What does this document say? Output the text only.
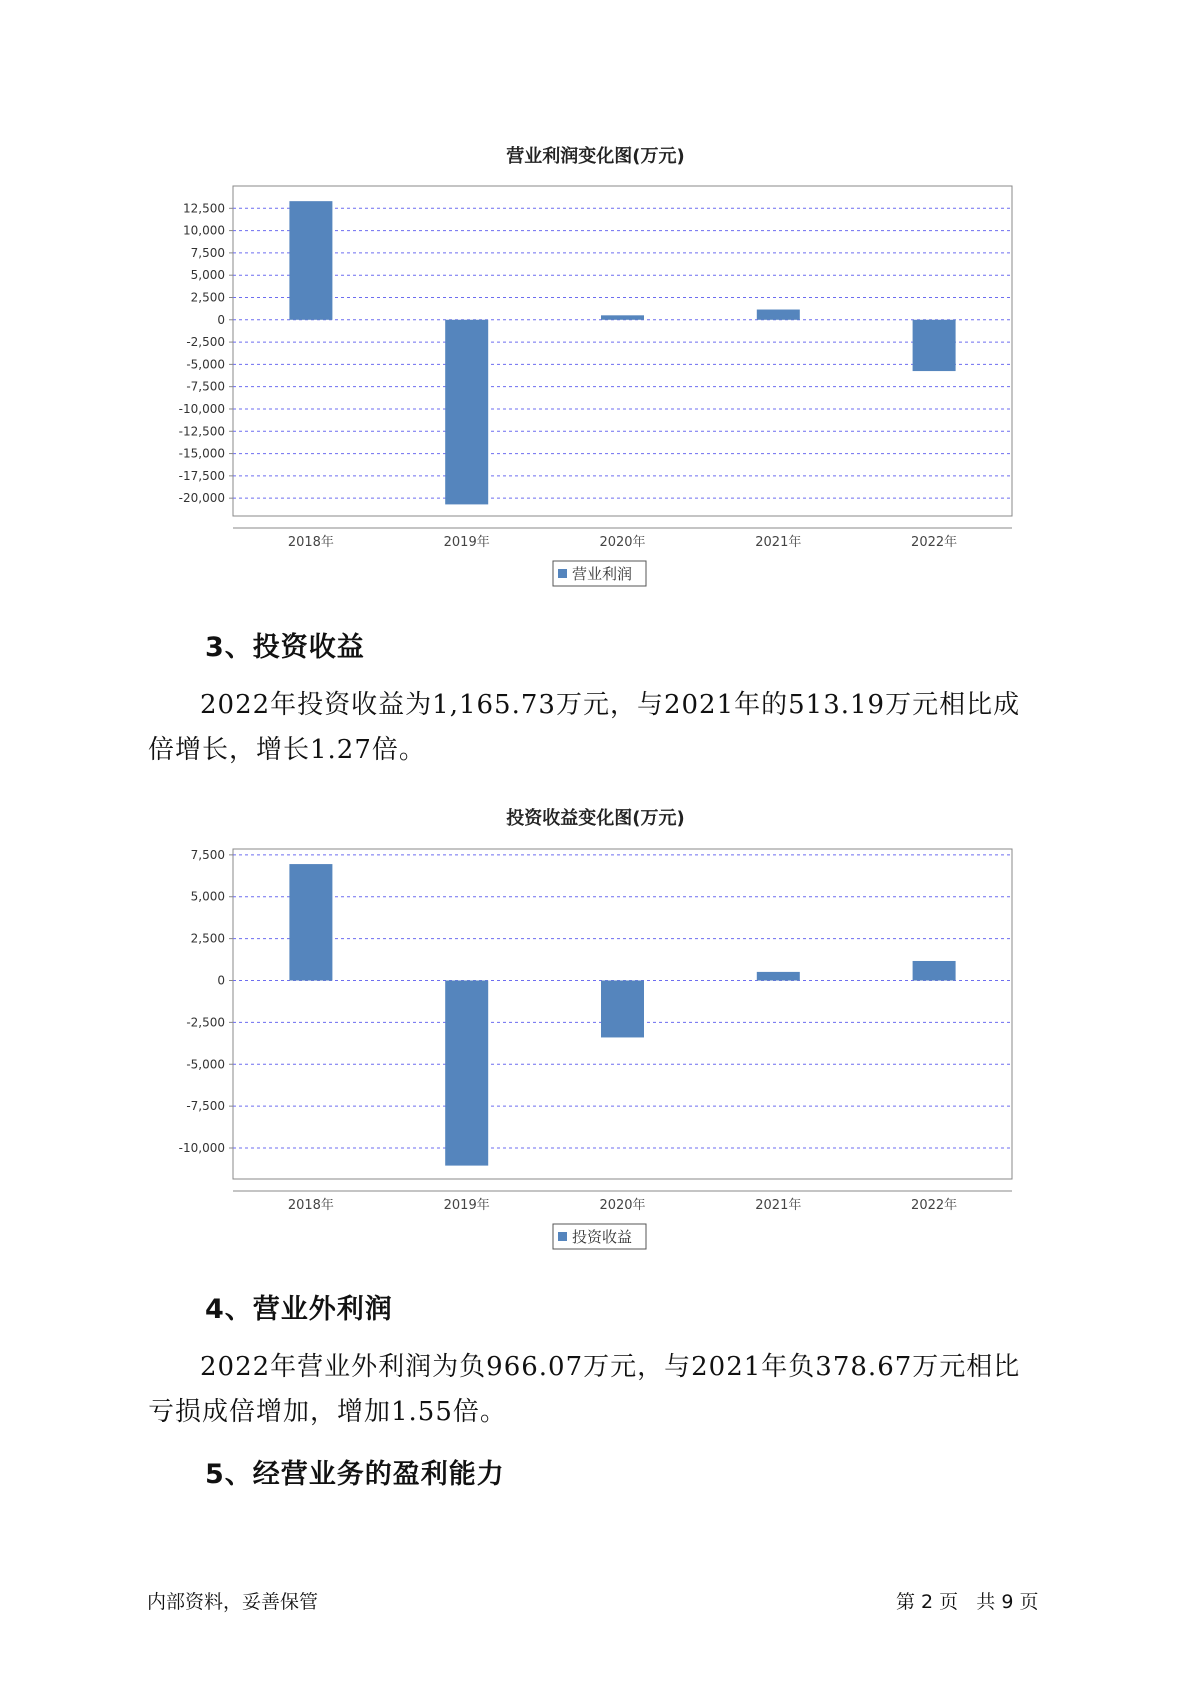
营业利润变化图(万元)
12,500
10,000
7,500
5,000
2,500
0
-2,500
-5,000
-7,500
-10,000
-12,500
-15,000
-17,500
-20,000
2018年	2019年	2020年	2021年	2022年
营业利润
3、投资收益
2022年投资收益为1,165.73万元，与2021年的513.19万元相比成倍增长，增长1.27倍。
投资收益变化图(万元)
7,500
5,000
2,500
0
-2,500
-5,000
-7,500
-10,000
2018年	2019年	2020年	2021年	2022年
投资收益
4、营业外利润
2022年营业外利润为负966.07万元，与2021年负378.67万元相比亏损成倍增加，增加1.55倍。
5、经营业务的盈利能力
内部资料，妥善保管	第 2 页   共 9 页
